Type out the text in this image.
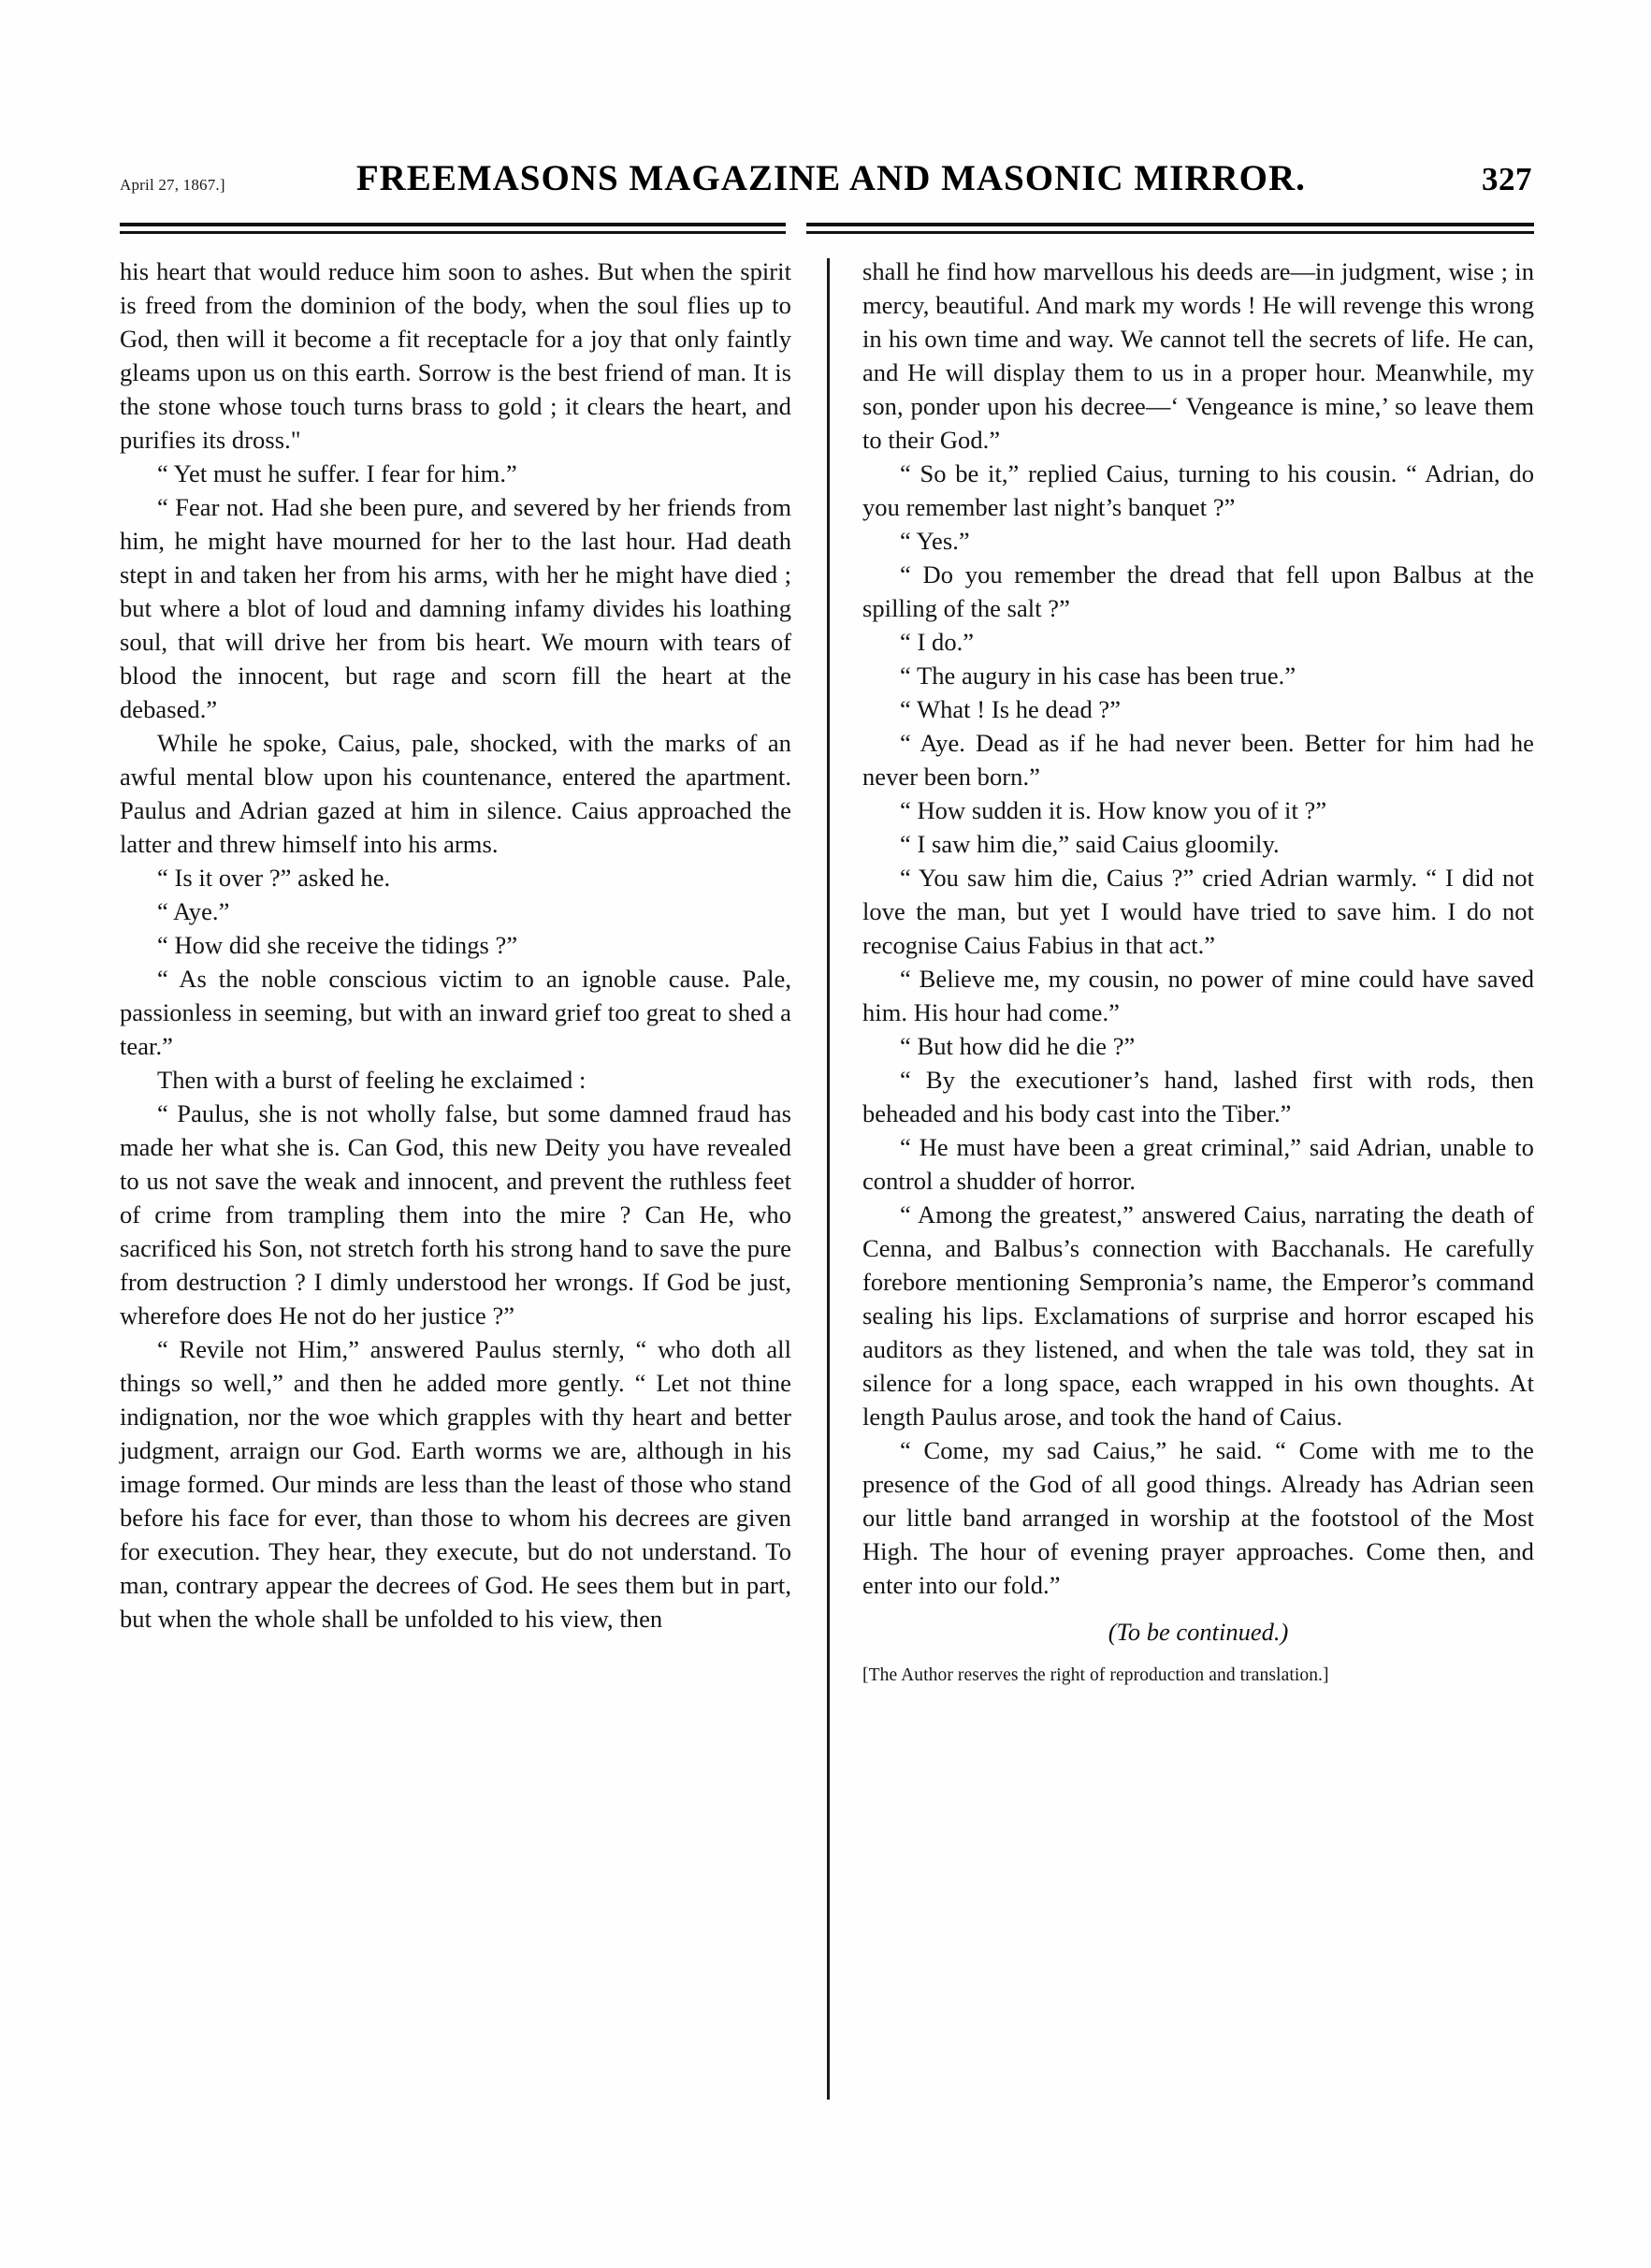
April 27, 1867.]	FREEMASONS MAGAZINE AND MASONIC MIRROR.	327

his heart that would reduce him soon to ashes. But when the spirit is freed from the dominion of the body, when the soul flies up to God, then will it become a fit receptacle for a joy that only faintly gleams upon us on this earth. Sorrow is the best friend of man. It is the stone whose touch turns brass to gold ; it clears the heart, and purifies its dross."

“ Yet must he suffer. I fear for him.”

“ Fear not. Had she been pure, and severed by her friends from him, he might have mourned for her to the last hour. Had death stept in and taken her from his arms, with her he might have died ; but where a blot of loud and damning infamy divides his loathing soul, that will drive her from bis heart. We mourn with tears of blood the innocent, but rage and scorn fill the heart at the debased.”

While he spoke, Caius, pale, shocked, with the marks of an awful mental blow upon his countenance, entered the apartment. Paulus and Adrian gazed at him in silence. Caius approached the latter and threw himself into his arms.

“ Is it over ?” asked he.

“ Aye.”

“ How did she receive the tidings ?”

“ As the noble conscious victim to an ignoble cause. Pale, passionless in seeming, but with an inward grief too great to shed a tear.”

Then with a burst of feeling he exclaimed :

“ Paulus, she is not wholly false, but some damned fraud has made her what she is. Can God, this new Deity you have revealed to us not save the weak and innocent, and prevent the ruthless feet of crime from trampling them into the mire ? Can He, who sacrificed his Son, not stretch forth his strong hand to save the pure from destruction ? I dimly understood her wrongs. If God be just, wherefore does He not do her justice ?”

“ Revile not Him,” answered Paulus sternly, “ who doth all things so well,” and then he added more gently. “ Let not thine indignation, nor the woe which grapples with thy heart and better judgment, arraign our God. Earth worms we are, although in his image formed. Our minds are less than the least of those who stand before his face for ever, than those to whom his decrees are given for execution. They hear, they execute, but do not understand. To man, contrary appear the decrees of God. He sees them but in part, but when the whole shall be unfolded to his view, then

shall he find how marvellous his deeds are—in judgment, wise ; in mercy, beautiful. And mark my words ! He will revenge this wrong in his own time and way. We cannot tell the secrets of life. He can, and He will display them to us in a proper hour. Meanwhile, my son, ponder upon his decree—‘ Vengeance is mine,’ so leave them to their God.”

“ So be it,” replied Caius, turning to his cousin. “ Adrian, do you remember last night’s banquet ?”

“ Yes.”

“ Do you remember the dread that fell upon Balbus at the spilling of the salt ?”

“ I do.”

“ The augury in his case has been true.”

“ What ! Is he dead ?”

“ Aye. Dead as if he had never been. Better for him had he never been born.”

“ How sudden it is. How know you of it ?”

“ I saw him die,” said Caius gloomily.

“ You saw him die, Caius ?” cried Adrian warmly. “ I did not love the man, but yet I would have tried to save him. I do not recognise Caius Fabius in that act.”

“ Believe me, my cousin, no power of mine could have saved him. His hour had come.”

“ But how did he die ?”

“ By the executioner’s hand, lashed first with rods, then beheaded and his body cast into the Tiber.”

“ He must have been a great criminal,” said Adrian, unable to control a shudder of horror.

“ Among the greatest,” answered Caius, narrating the death of Cenna, and Balbus’s connection with Bacchanals. He carefully forebore mentioning Sempronia’s name, the Emperor’s command sealing his lips. Exclamations of surprise and horror escaped his auditors as they listened, and when the tale was told, they sat in silence for a long space, each wrapped in his own thoughts. At length Paulus arose, and took the hand of Caius.

“ Come, my sad Caius,” he said. “ Come with me to the presence of the God of all good things. Already has Adrian seen our little band arranged in worship at the footstool of the Most High. The hour of evening prayer approaches. Come then, and enter into our fold.”

(To be continued.)

[The Author reserves the right of reproduction and translation.]
